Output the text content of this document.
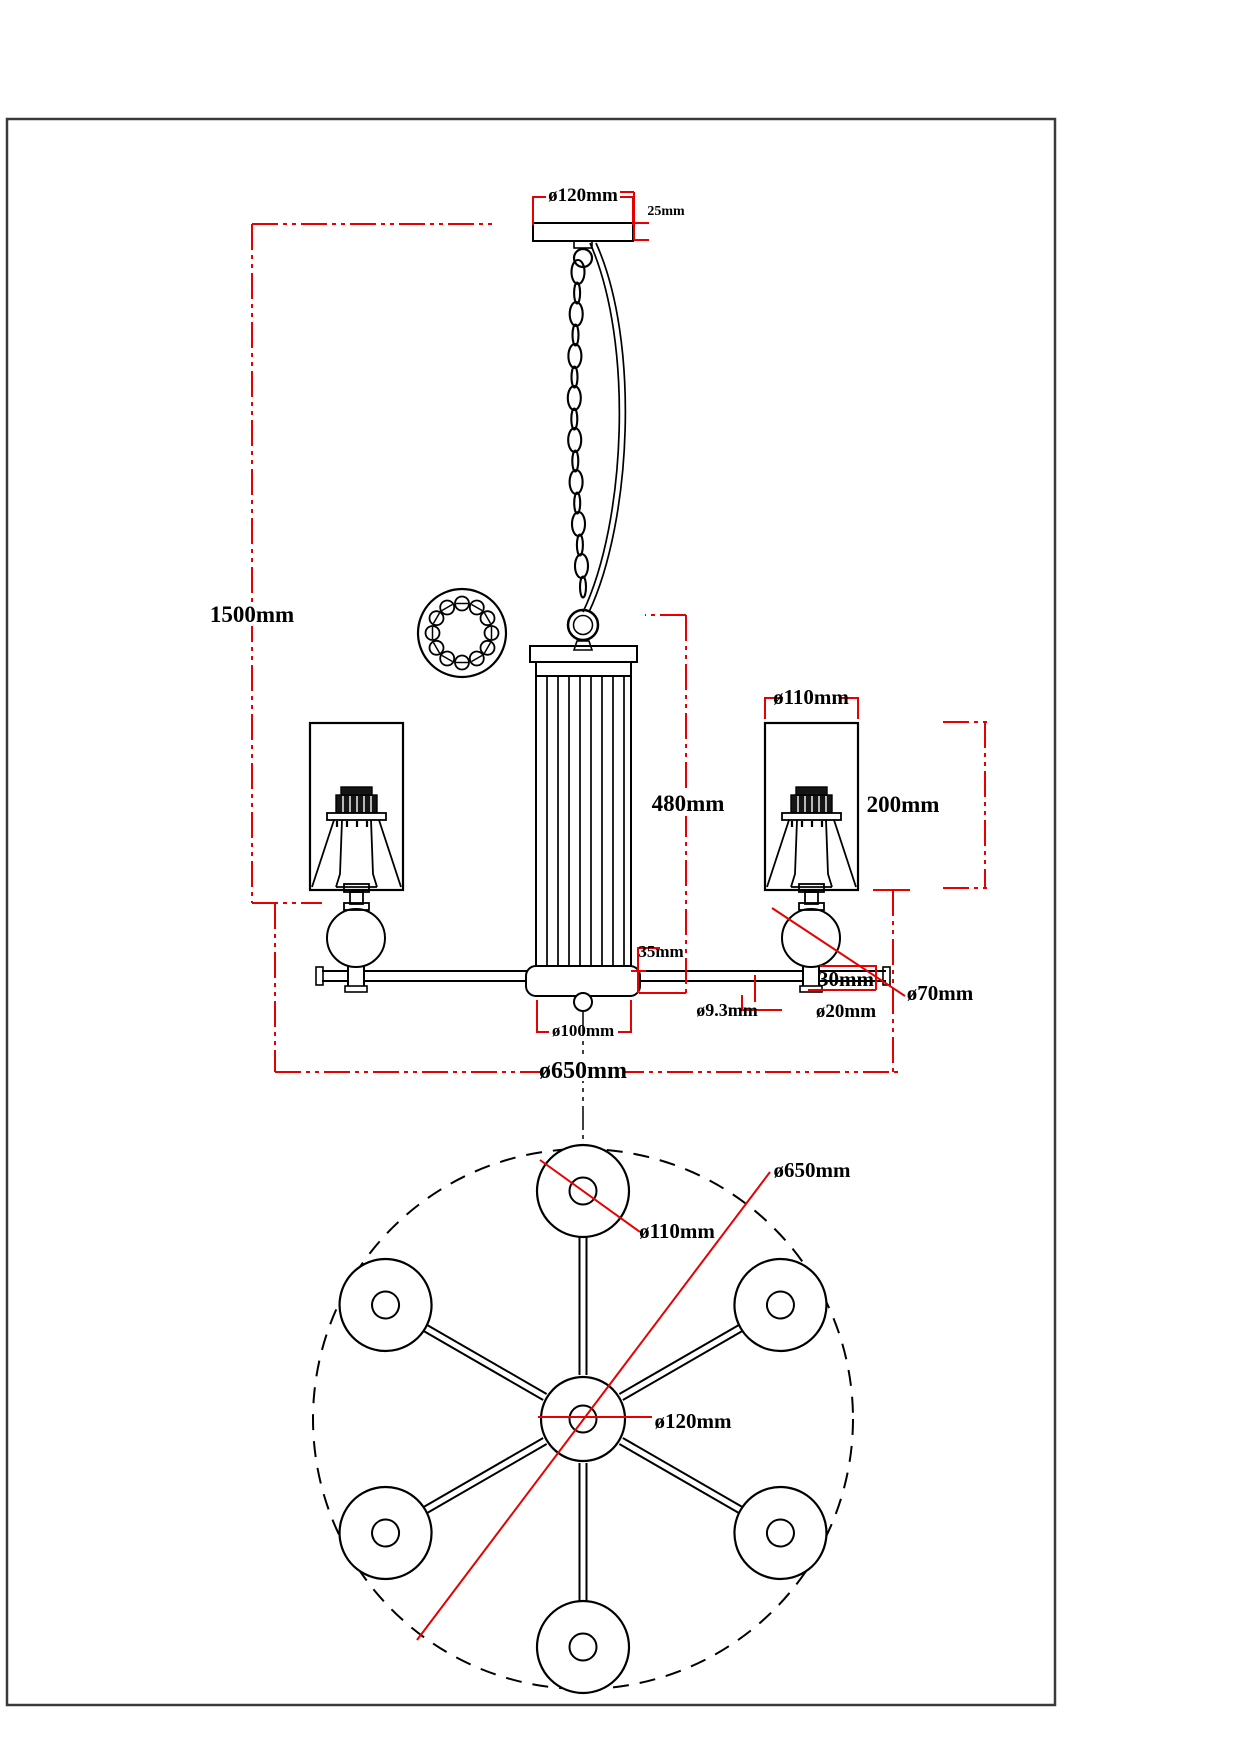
ø120mm
25mm
1500mm
480mm
ø110mm
200mm
35mm
ø9.3mm
30mm
ø20mm
ø70mm
ø100mm
ø650mm
ø650mm
ø110mm
ø120mm
